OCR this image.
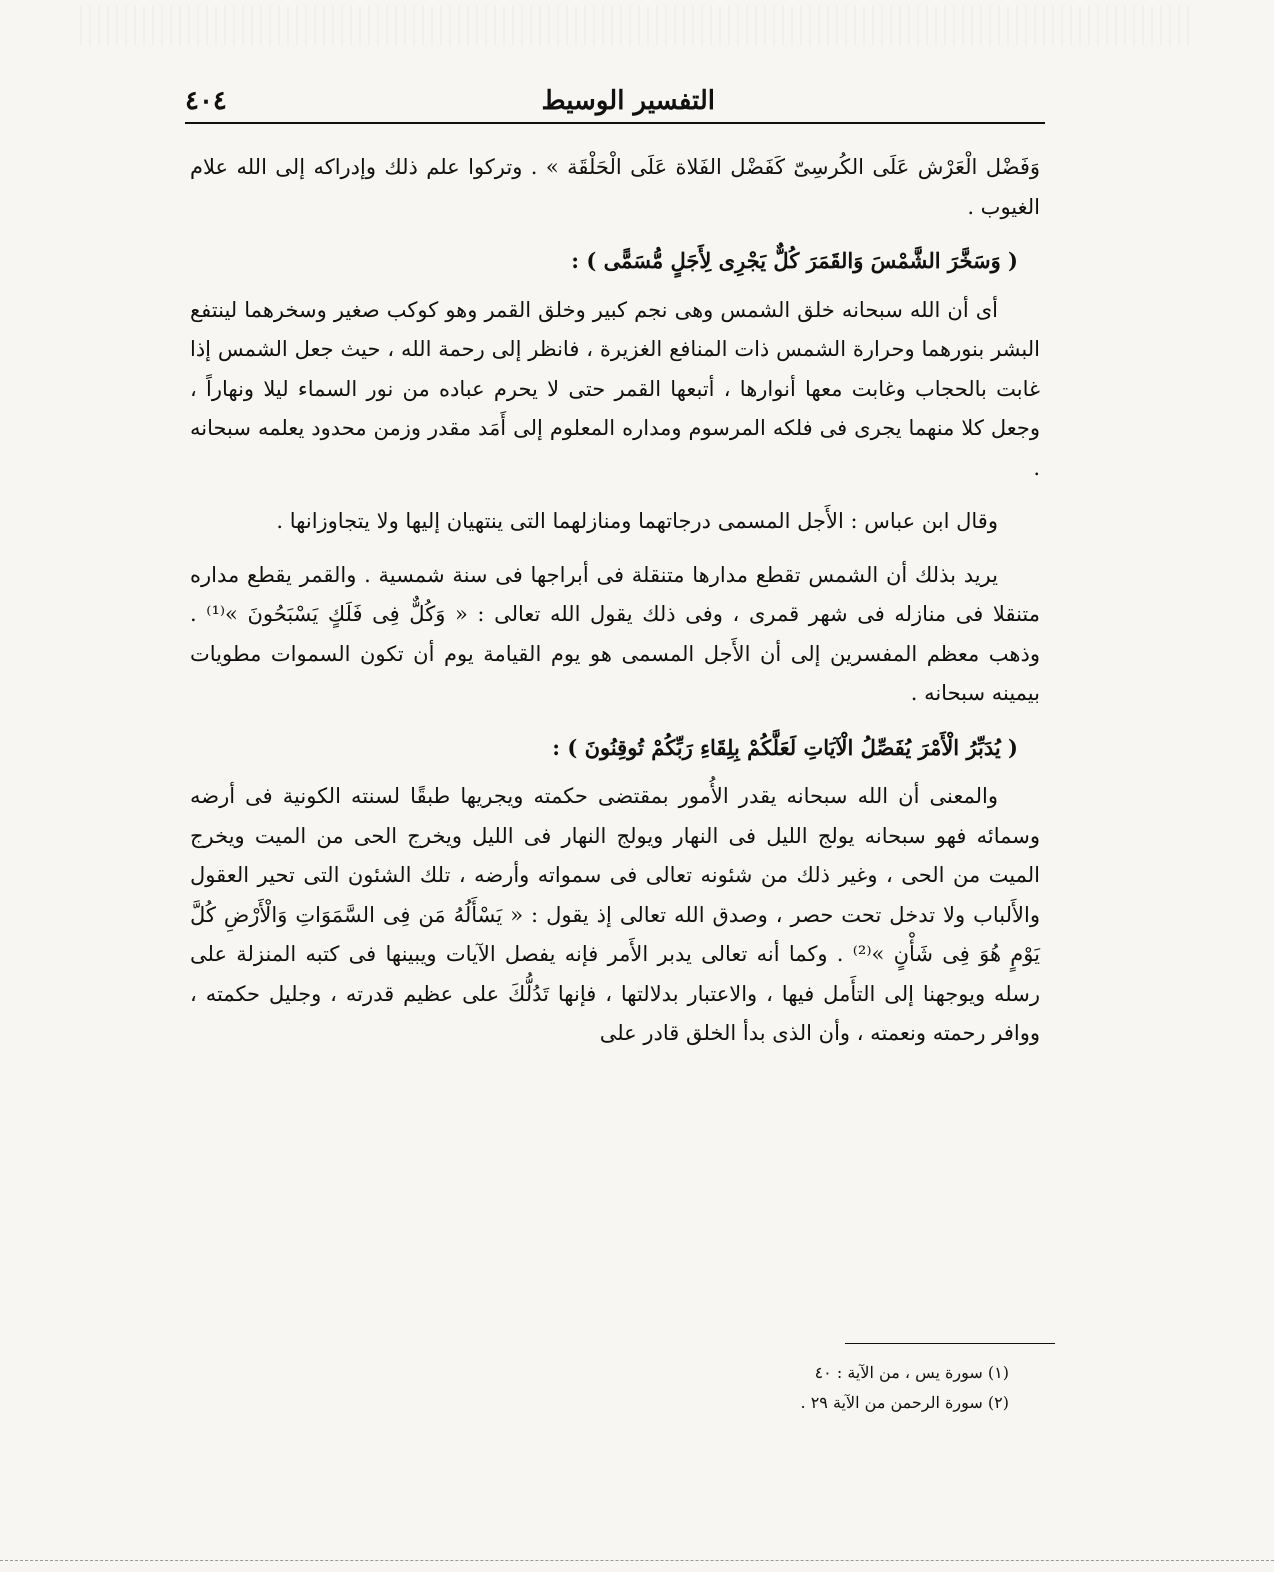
التفسير الوسيط
٤٠٤

وَفَضْل الْعَرْش عَلَى الكُرسِىّ كَفَضْل الفَلاة عَلَى الْحَلْقَة » . وتركوا علم ذلك وإدراكه إلى الله علام الغيوب .

( وَسَخَّرَ الشَّمْسَ وَالقَمَرَ كُلٌّ يَجْرِى لِأَجَلٍ مُّسَمًّى ) :

أى أن الله سبحانه خلق الشمس وهى نجم كبير وخلق القمر وهو كوكب صغير وسخرهما لينتفع البشر بنورهما وحرارة الشمس ذات المنافع الغزيرة ، فانظر إلى رحمة الله ، حيث جعل الشمس إذا غابت بالحجاب وغابت معها أنوارها ، أتبعها القمر حتى لا يحرم عباده من نور السماء ليلا ونهاراً ، وجعل كلا منهما يجرى فى فلكه المرسوم ومداره المعلوم إلى أَمَد مقدر وزمن محدود يعلمه سبحانه .

وقال ابن عباس : الأَجل المسمى درجاتهما ومنازلهما التى ينتهيان إليها ولا يتجاوزانها .

يريد بذلك أن الشمس تقطع مدارها متنقلة فى أبراجها فى سنة شمسية . والقمر يقطع مداره متنقلا فى منازله فى شهر قمرى ، وفى ذلك يقول الله تعالى : « وَكُلٌّ فِى فَلَكٍ يَسْبَحُونَ »⁽¹⁾ . وذهب معظم المفسرين إلى أن الأَجل المسمى هو يوم القيامة يوم أن تكون السموات مطويات بيمينه سبحانه .

( يُدَبِّرُ الْأَمْرَ يُفَصِّلُ الْآيَاتِ لَعَلَّكُمْ بِلِقَاءِ رَبِّكُمْ تُوقِنُونَ ) :

والمعنى أن الله سبحانه يقدر الأُمور بمقتضى حكمته ويجريها طبقًا لسنته الكونية فى أرضه وسمائه فهو سبحانه يولج الليل فى النهار ويولج النهار فى الليل ويخرج الحى من الميت ويخرج الميت من الحى ، وغير ذلك من شئونه تعالى فى سمواته وأرضه ، تلك الشئون التى تحير العقول والأَلباب ولا تدخل تحت حصر ، وصدق الله تعالى إذ يقول : « يَسْأَلُهُ مَن فِى السَّمَوَاتِ وَالْأَرْضِ كُلَّ يَوْمٍ هُوَ فِى شَأْنٍ »⁽²⁾ . وكما أنه تعالى يدبر الأَمر فإنه يفصل الآيات ويبينها فى كتبه المنزلة على رسله ويوجهنا إلى التأَمل فيها ، والاعتبار بدلالتها ، فإنها تَدُلُّكَ على عظيم قدرته ، وجليل حكمته ، ووافر رحمته ونعمته ، وأن الذى بدأ الخلق قادر على

(١) سورة يس ، من الآية : ٤٠
(٢) سورة الرحمن من الآية ٢٩ .
